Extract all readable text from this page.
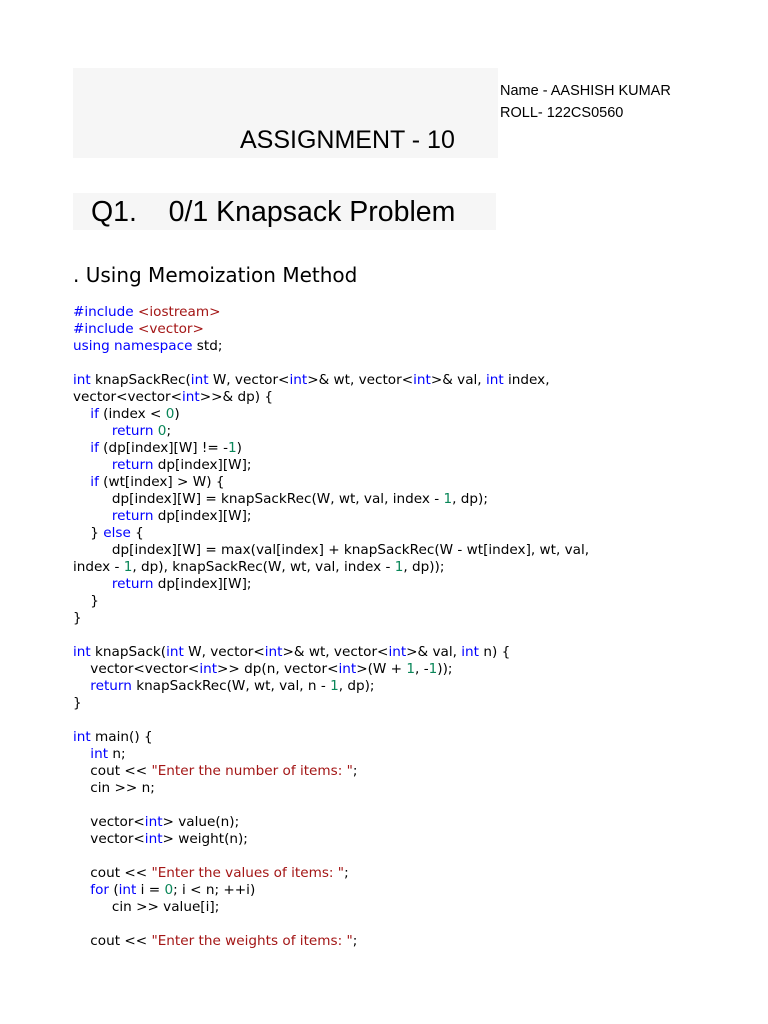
Name - AASHISH KUMAR
ROLL- 122CS0560
ASSIGNMENT - 10
Q1. 0/1 Knapsack Problem
. Using Memoization Method
#include <iostream>
#include <vector>
using namespace std;

int knapSackRec(int W, vector<int>& wt, vector<int>& val, int index,
vector<vector<int>>& dp) {
if (index < 0)
return 0;
if (dp[index][W] != -1)
return dp[index][W];
if (wt[index] > W) {
dp[index][W] = knapSackRec(W, wt, val, index - 1, dp);
return dp[index][W];
} else {
dp[index][W] = max(val[index] + knapSackRec(W - wt[index], wt, val,
index - 1, dp), knapSackRec(W, wt, val, index - 1, dp));
return dp[index][W];
}
}

int knapSack(int W, vector<int>& wt, vector<int>& val, int n) {
vector<vector<int>> dp(n, vector<int>(W + 1, -1));
return knapSackRec(W, wt, val, n - 1, dp);
}

int main() {
int n;
cout << "Enter the number of items: ";
cin >> n;

vector<int> value(n);
vector<int> weight(n);

cout << "Enter the values of items: ";
for (int i = 0; i < n; ++i)
cin >> value[i];

cout << "Enter the weights of items: ";
